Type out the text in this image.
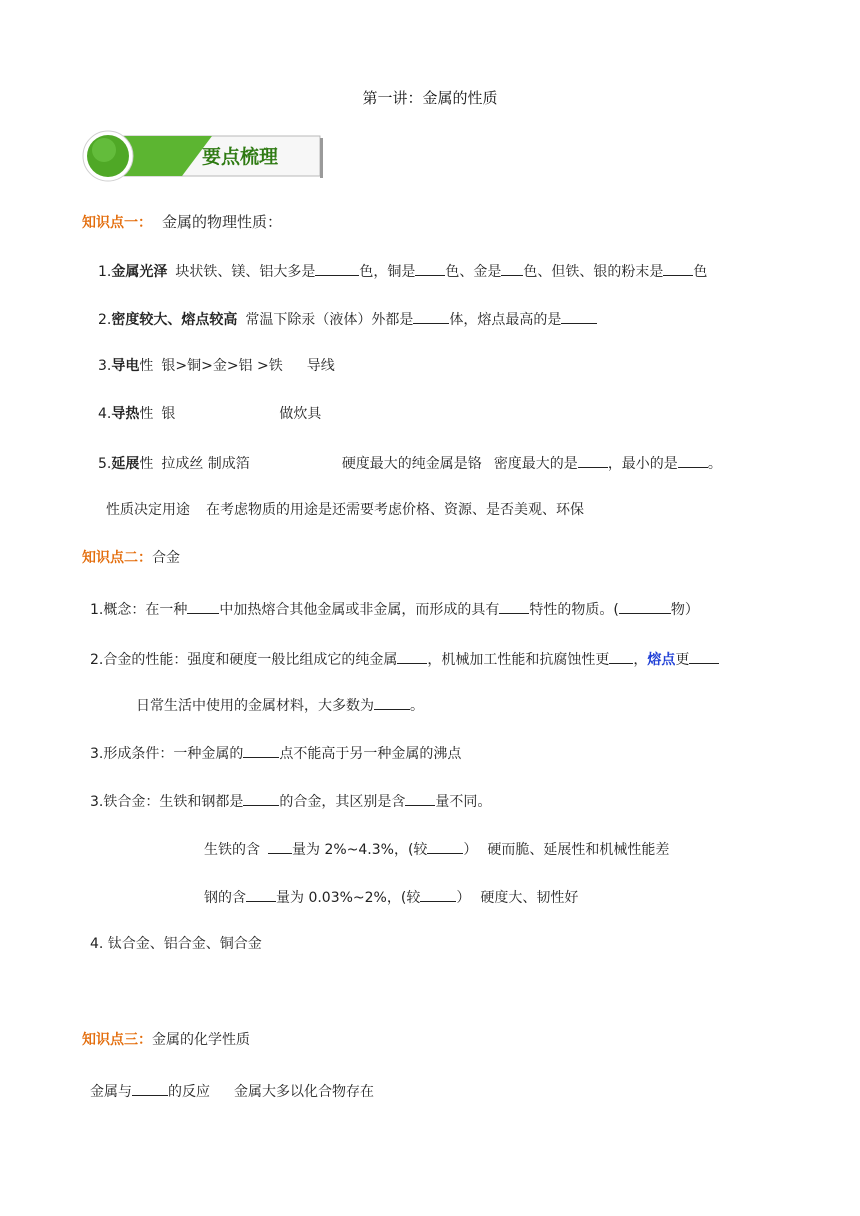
第一讲：金属的性质
要点梳理
知识点一： 金属的物理性质：
1.金属光泽 块状铁、镁、铝大多是	色，铜是 色、金是 色、但铁、银的粉末是 色
2.密度较大、熔点较高 常温下除汞（液体）外都是	体，熔点最高的是
3.导电性 银>铜>金>铝 >铁 导线
4.导热性 银	做炊具
5.延展性 拉成丝 制成箔	硬度最大的纯金属是铬 密度最大的是 ，最小的是 。
性质决定用途 在考虑物质的用途是还需要考虑价格、资源、是否美观、环保
知识点二：合金
1.概念：在一种 中加热熔合其他金属或非金属，而形成的具有 特性的物质。(	物）
2.合金的性能：强度和硬度一般比组成它的纯金属 ，机械加工性能和抗腐蚀性更 ，熔点更
日常生活中使用的金属材料，大多数为	。
3.形成条件：一种金属的	点不能高于另一种金属的沸点
3.铁合金：生铁和钢都是	的合金，其区别是含 量不同。
生铁的含 量为 2%~4.3%，(较	） 硬而脆、延展性和机械性能差
钢的含 量为 0.03%~2%，(较	） 硬度大、韧性好
4. 钛合金、铝合金、铜合金
知识点三：金属的化学性质
金属与	的反应 金属大多以化合物存在
